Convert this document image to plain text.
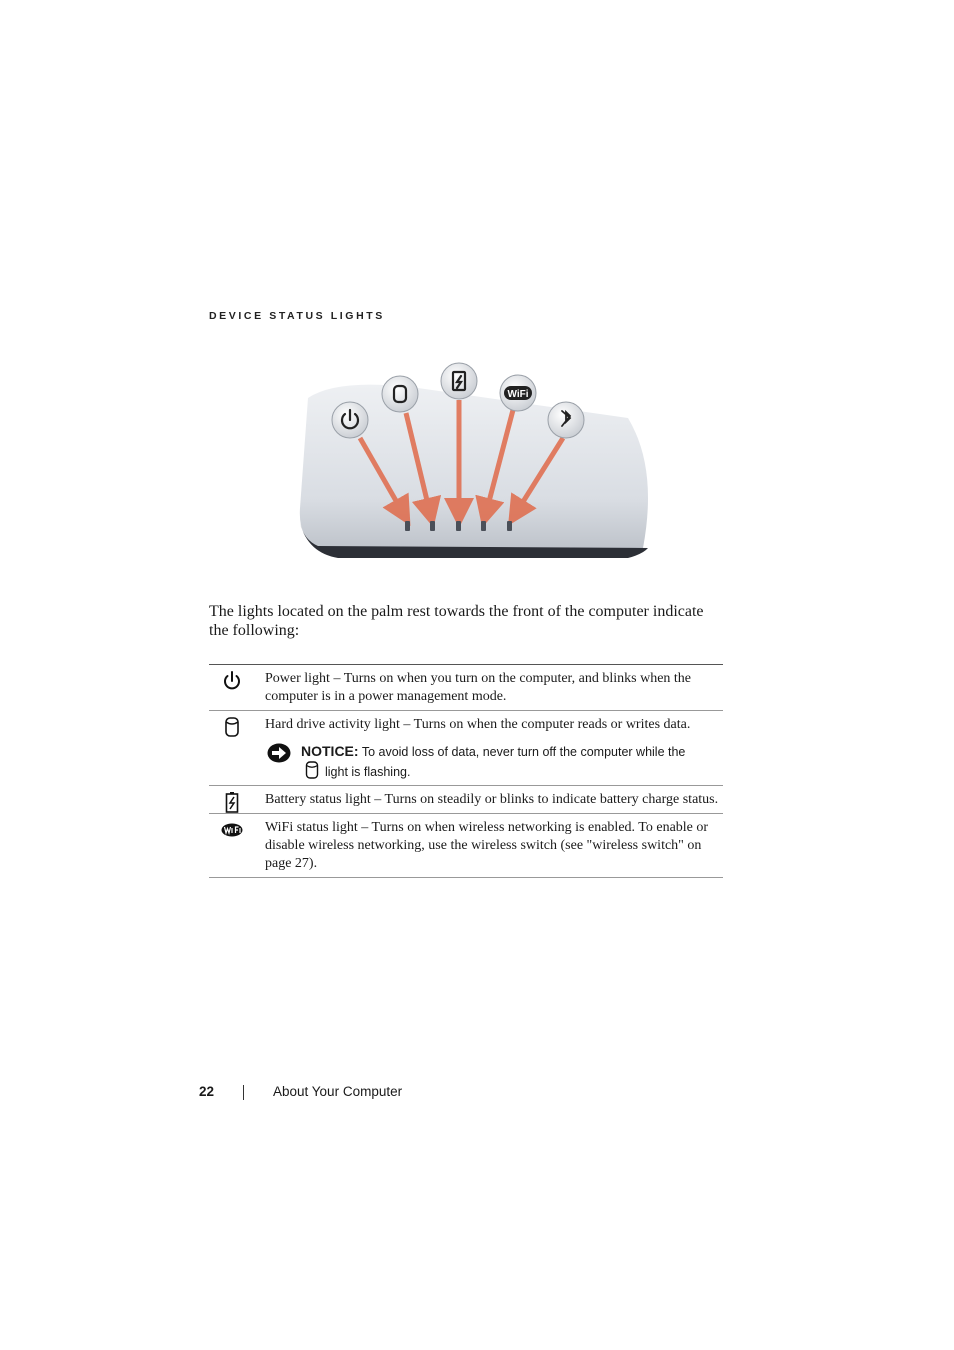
DEVICE STATUS LIGHTS
WiFi
The lights located on the palm rest towards the front of the computer indicate the following:
Power light – Turns on when you turn on the computer, and blinks when the computer is in a power management mode.
Hard drive activity light – Turns on when the computer reads or writes data.
NOTICE: To avoid loss of data, never turn off the computer while the
light is flashing.
Battery status light – Turns on steadily or blinks to indicate battery charge status.
WiFi status light – Turns on when wireless networking is enabled. To enable or disable wireless networking, use the wireless switch (see "wireless switch" on page 27).
22	About Your Computer
